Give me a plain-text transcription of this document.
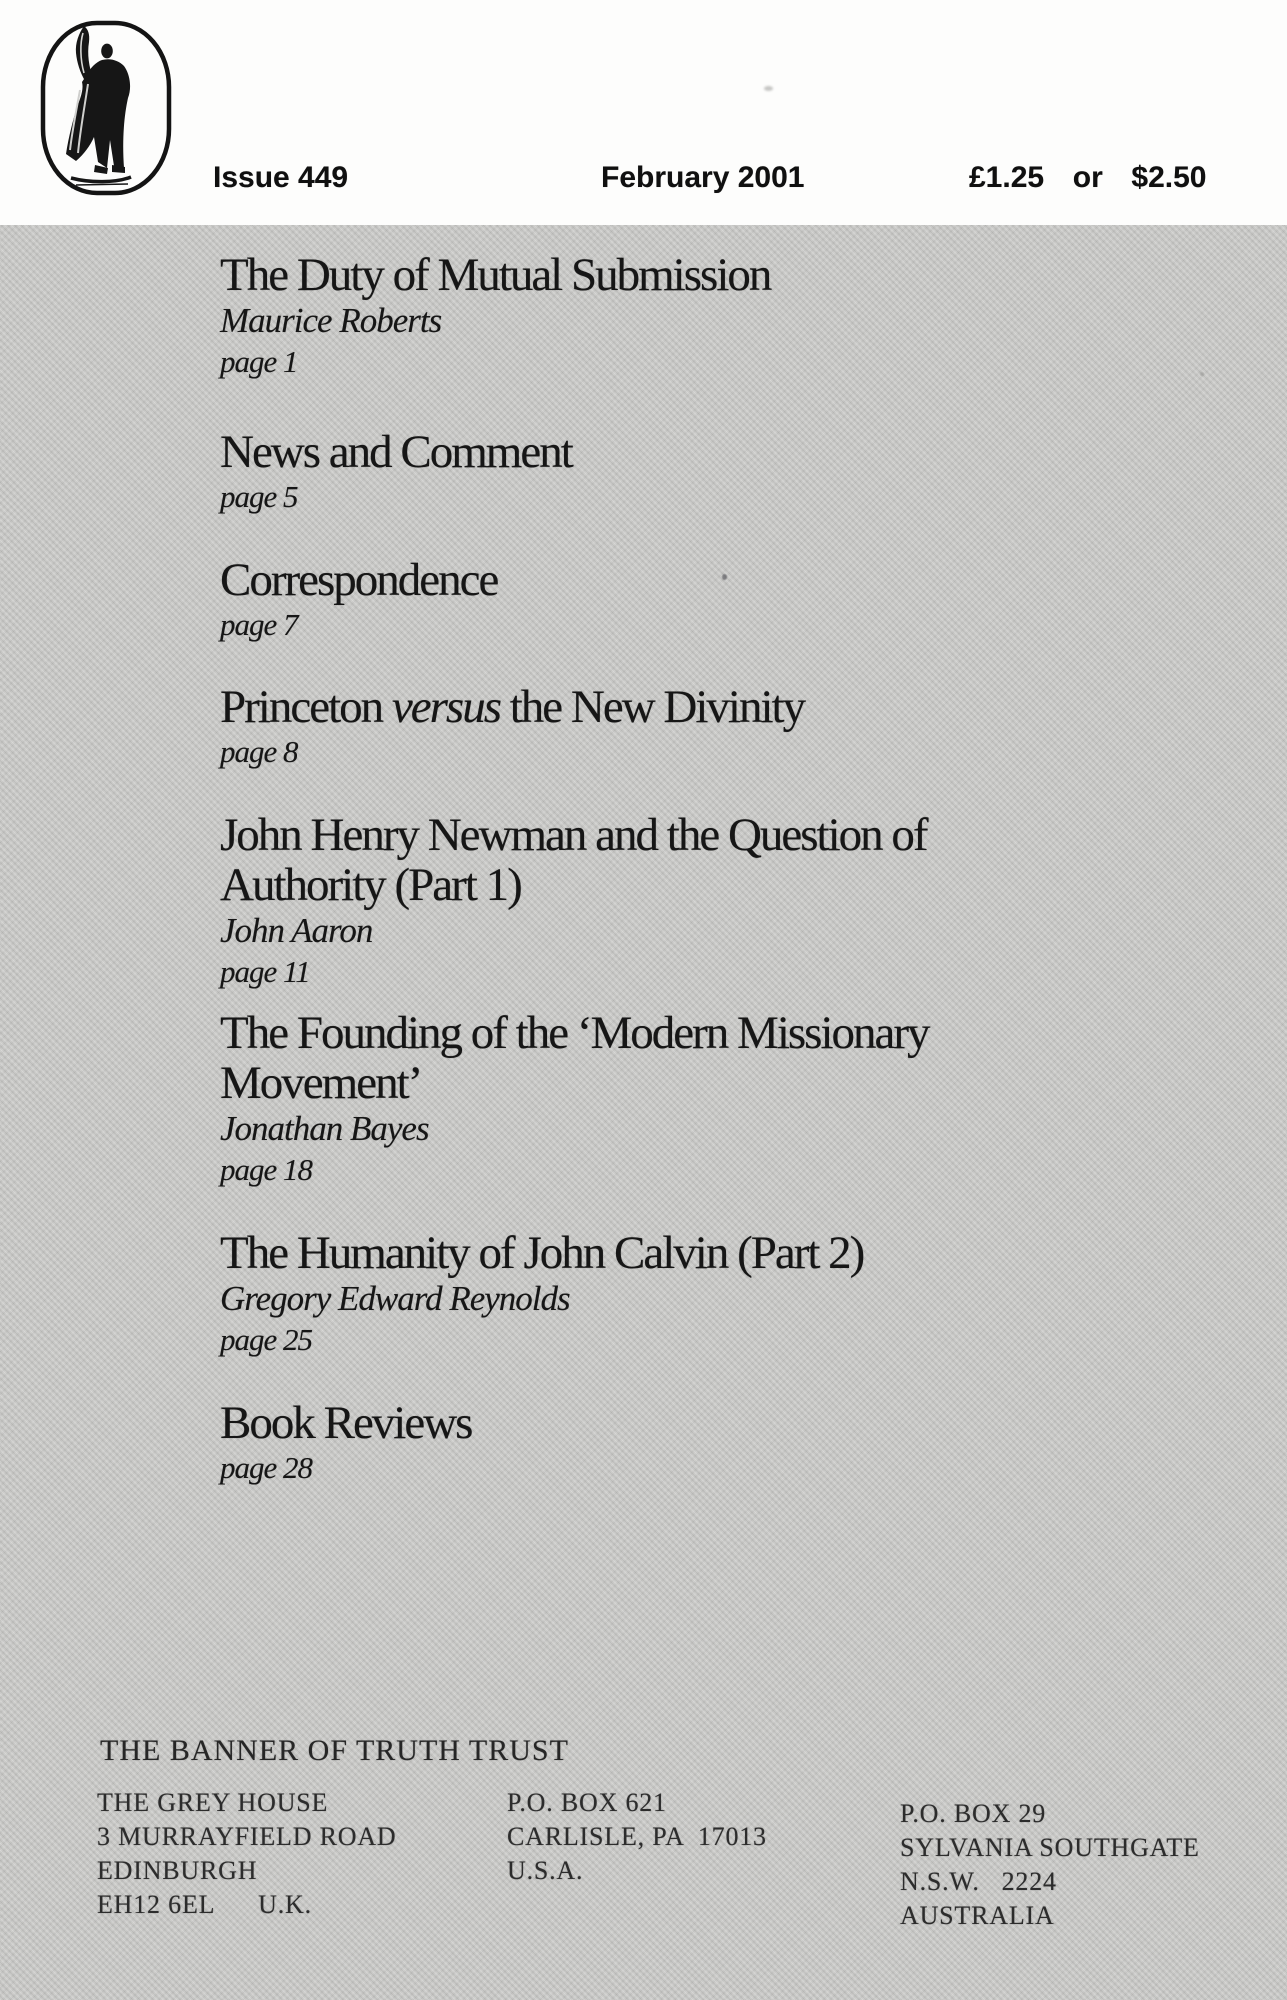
Issue 449	February 2001	£1.25  or  $2.50
The Duty of Mutual Submission
Maurice Roberts
page 1
News and Comment
page 5
Correspondence
page 7
Princeton versus the New Divinity
page 8
John Henry Newman and the Question of Authority (Part 1)
John Aaron
page 11
The Founding of the ‘Modern Missionary Movement’
Jonathan Bayes
page 18
The Humanity of John Calvin (Part 2)
Gregory Edward Reynolds
page 25
Book Reviews
page 28
THE BANNER OF TRUTH TRUST
THE GREY HOUSE
3 MURRAYFIELD ROAD
EDINBURGH
EH12 6EL      U.K.
P.O. BOX 621
CARLISLE, PA  17013
U.S.A.
P.O. BOX 29
SYLVANIA SOUTHGATE
N.S.W.   2224
AUSTRALIA
